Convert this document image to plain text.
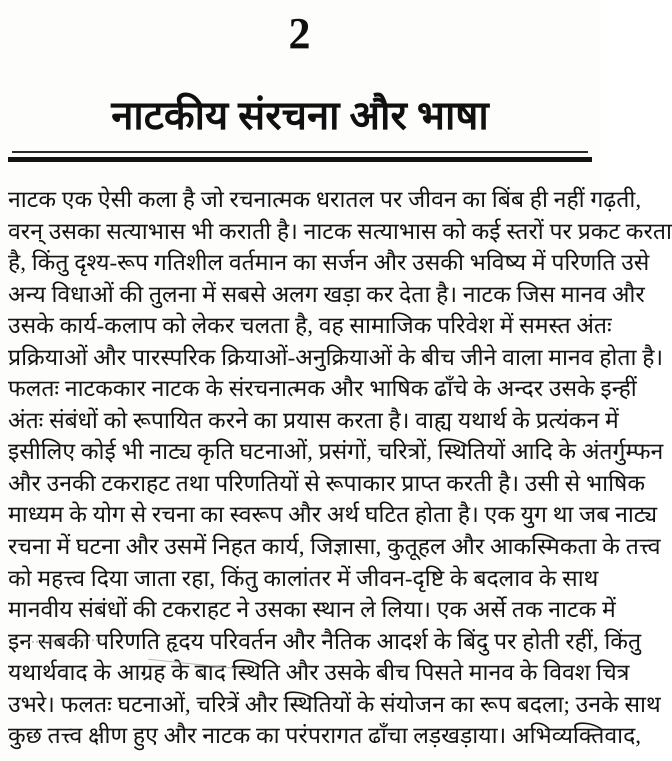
2
नाटकीय संरचना और भाषा
नाटक एक ऐसी कला है जो रचनात्मक धरातल पर जीवन का बिंब ही नहीं गढ़ती,
वरन् उसका सत्याभास भी कराती है। नाटक सत्याभास को कई स्तरों पर प्रकट करता
है, किंतु दृश्य-रूप गतिशील वर्तमान का सर्जन और उसकी भविष्य में परिणति उसे
अन्य विधाओं की तुलना में सबसे अलग खड़ा कर देता है। नाटक जिस मानव और
उसके कार्य-कलाप को लेकर चलता है, वह सामाजिक परिवेश में समस्त अंतः
प्रक्रियाओं और पारस्परिक क्रियाओं-अनुक्रियाओं के बीच जीने वाला मानव होता है।
फलतः नाटककार नाटक के संरचनात्मक और भाषिक ढाँचे के अन्दर उसके इन्हीं
अंतः संबंधों को रूपायित करने का प्रयास करता है। वाह्य यथार्थ के प्रत्यंकन में
इसीलिए कोई भी नाट्य कृति घटनाओं, प्रसंगों, चरित्रों, स्थितियों आदि के अंतर्गुम्फन
और उनकी टकराहट तथा परिणतियों से रूपाकार प्राप्त करती है। उसी से भाषिक
माध्यम के योग से रचना का स्वरूप और अर्थ घटित होता है। एक युग था जब नाट्य
रचना में घटना और उसमें निहत कार्य, जिज्ञासा, कुतूहल और आकस्मिकता के तत्त्व
को महत्त्व दिया जाता रहा, किंतु कालांतर में जीवन-दृष्टि के बदलाव के साथ
मानवीय संबंधों की टकराहट ने उसका स्थान ले लिया। एक अर्से तक नाटक में
इन सबकी परिणति हृदय परिवर्तन और नैतिक आदर्श के बिंदु पर होती रहीं, किंतु
यथार्थवाद के आग्रह के बाद स्थिति और उसके बीच पिसते मानव के विवश चित्र
उभरे। फलतः घटनाओं, चरित्रें और स्थितियों के संयोजन का रूप बदला; उनके साथ
कुछ तत्त्व क्षीण हुए और नाटक का परंपरागत ढाँचा लड़खड़ाया। अभिव्यक्तिवाद,
